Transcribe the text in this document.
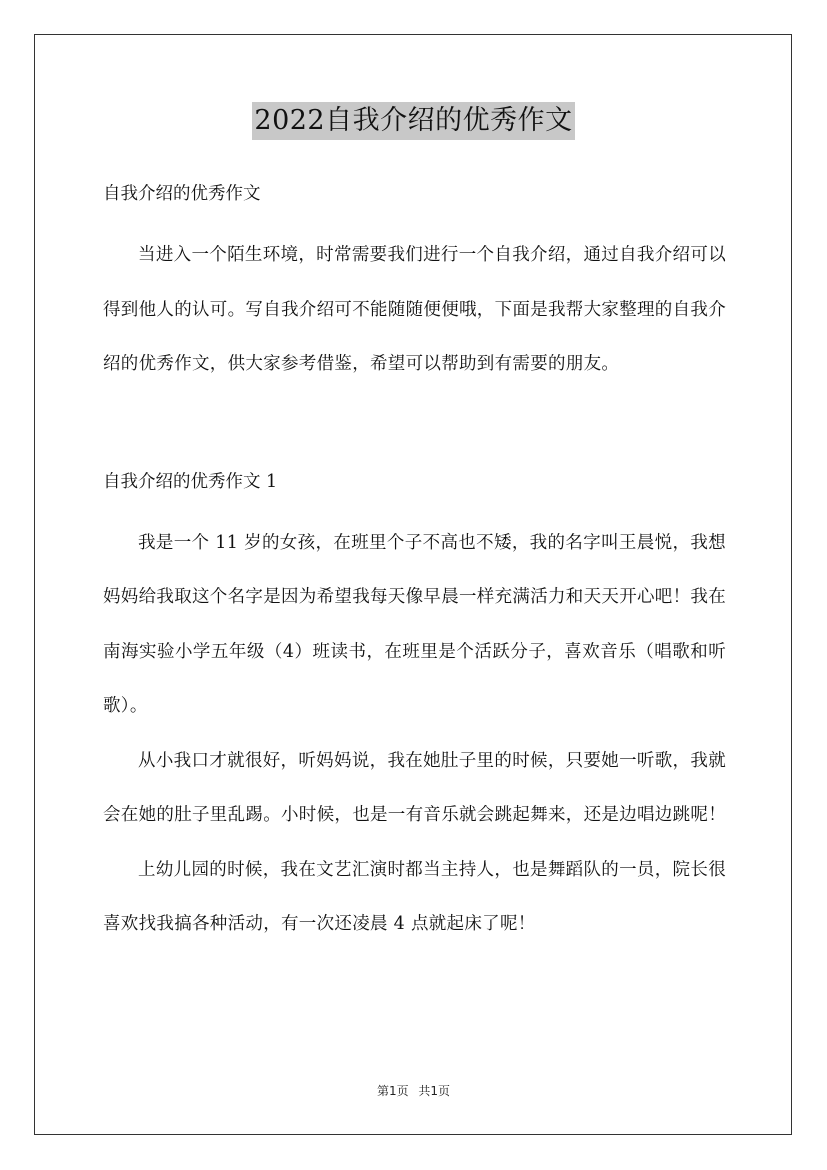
2022自我介绍的优秀作文

自我介绍的优秀作文

当进入一个陌生环境，时常需要我们进行一个自我介绍，通过自我介绍可以得到他人的认可。写自我介绍可不能随随便便哦，下面是我帮大家整理的自我介绍的优秀作文，供大家参考借鉴，希望可以帮助到有需要的朋友。

自我介绍的优秀作文 1

我是一个 11 岁的女孩，在班里个子不高也不矮，我的名字叫王晨悦，我想妈妈给我取这个名字是因为希望我每天像早晨一样充满活力和天天开心吧！我在南海实验小学五年级（4）班读书，在班里是个活跃分子，喜欢音乐（唱歌和听歌）。

从小我口才就很好，听妈妈说，我在她肚子里的时候，只要她一听歌，我就会在她的肚子里乱踢。小时候，也是一有音乐就会跳起舞来，还是边唱边跳呢！

上幼儿园的时候，我在文艺汇演时都当主持人，也是舞蹈队的一员，院长很喜欢找我搞各种活动，有一次还凌晨 4 点就起床了呢！

第1页 共1页
